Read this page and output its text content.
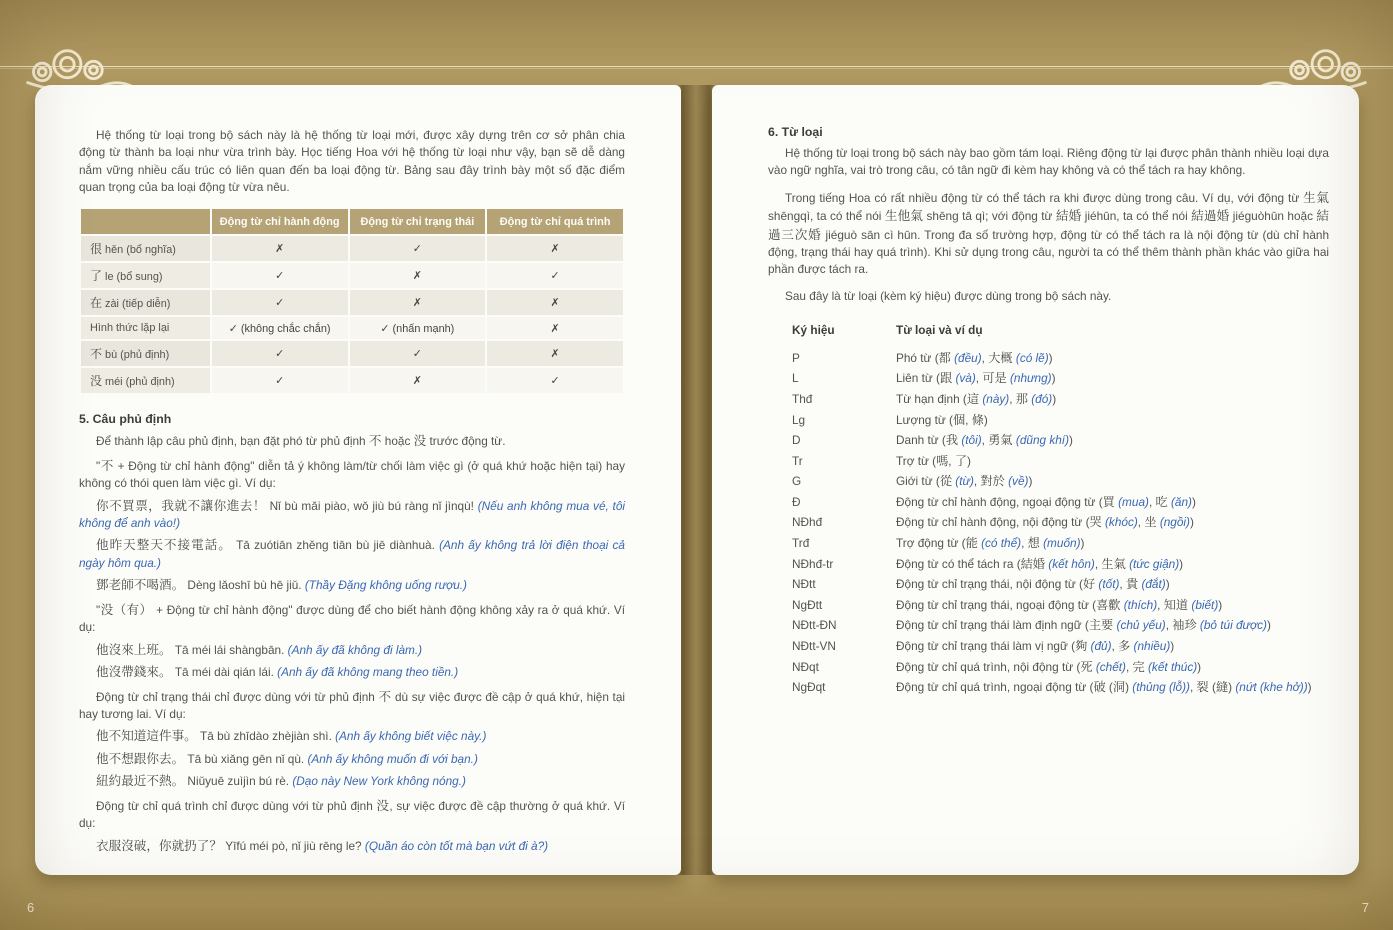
Hệ thống từ loại trong bộ sách này là hệ thống từ loại mới, được xây dựng trên cơ sở phân chia động từ thành ba loại như vừa trình bày. Học tiếng Hoa với hệ thống từ loại như vậy, bạn sẽ dễ dàng nắm vững nhiều cấu trúc có liên quan đến ba loại động từ. Bảng sau đây trình bày một số đặc điểm quan trọng của ba loại động từ vừa nêu.

	Động từ chỉ hành động	Động từ chỉ trạng thái	Động từ chỉ quá trình
很 hěn (bổ nghĩa)	✗	✓	✗
了 le (bổ sung)	✓	✗	✓
在 zài (tiếp diễn)	✓	✗	✗
Hình thức lặp lại	✓ (không chắc chắn)	✓ (nhấn mạnh)	✗
不 bù (phủ định)	✓	✓	✗
没 méi (phủ định)	✓	✗	✓
5. Câu phủ định

Để thành lập câu phủ định, bạn đặt phó từ phủ định 不 hoặc 没 trước động từ.

"不 + Động từ chỉ hành động" diễn tả ý không làm/từ chối làm việc gì (ở quá khứ hoặc hiện tại) hay không có thói quen làm việc gì. Ví dụ:

你不買票，我就不讓你進去！ Nǐ bù mǎi piào, wǒ jiù bú ràng nǐ jìnqù! (Nếu anh không mua vé, tôi không để anh vào!)

他昨天整天不接電話。 Tā zuótiān zhěng tiān bù jiē diànhuà. (Anh ấy không trả lời điện thoại cả ngày hôm qua.)

鄧老師不喝酒。 Dèng lǎoshī bù hē jiǔ. (Thầy Đặng không uống rượu.)

"没（有） + Động từ chỉ hành động" được dùng để cho biết hành động không xảy ra ở quá khứ. Ví dụ:

他沒來上班。 Tā méi lái shàngbān. (Anh ấy đã không đi làm.)

他沒帶錢來。 Tā méi dài qián lái. (Anh ấy đã không mang theo tiền.)

Động từ chỉ trạng thái chỉ được dùng với từ phủ định 不 dù sự việc được đề cập ở quá khứ, hiện tại hay tương lai. Ví dụ:

他不知道這件事。 Tā bù zhīdào zhèjiàn shì. (Anh ấy không biết việc này.)

他不想跟你去。 Tā bù xiǎng gēn nǐ qù. (Anh ấy không muốn đi với bạn.)

紐約最近不熱。 Niǔyuē zuìjìn bú rè. (Dạo này New York không nóng.)

Động từ chỉ quá trình chỉ được dùng với từ phủ định 没, sự việc được đề cập thường ở quá khứ. Ví dụ:

衣服沒破，你就扔了？ Yīfú méi pò, nǐ jiù rēng le? (Quần áo còn tốt mà bạn vứt đi à?)

6. Từ loại

Hệ thống từ loại trong bộ sách này bao gồm tám loại. Riêng động từ lại được phân thành nhiều loại dựa vào ngữ nghĩa, vai trò trong câu, có tân ngữ đi kèm hay không và có thể tách ra hay không.

Trong tiếng Hoa có rất nhiều động từ có thể tách ra khi được dùng trong câu. Ví dụ, với động từ 生氣 shēngqì, ta có thể nói 生他氣 shēng tā qì; với động từ 結婚 jiéhūn, ta có thể nói 結過婚 jiéguòhūn hoặc 結過三次婚 jiéguò sān cì hūn. Trong đa số trường hợp, động từ có thể tách ra là nội động từ (dù chỉ hành động, trạng thái hay quá trình). Khi sử dụng trong câu, người ta có thể thêm thành phần khác vào giữa hai phần được tách ra.

Sau đây là từ loại (kèm ký hiệu) được dùng trong bộ sách này.

Ký hiệu	Từ loại và ví dụ
P	Phó từ (都 (đều), 大概 (có lẽ))
L	Liên từ (跟 (và), 可是 (nhưng))
Thđ	Từ hạn định (這 (này), 那 (đó))
Lg	Lượng từ (個, 條)
D	Danh từ (我 (tôi), 勇氣 (dũng khí))
Tr	Trợ từ (嗎, 了)
G	Giới từ (從 (từ), 對於 (về))
Đ	Động từ chỉ hành động, ngoại động từ (買 (mua), 吃 (ăn))
NĐhđ	Động từ chỉ hành động, nội động từ (哭 (khóc), 坐 (ngồi))
Trđ	Trợ động từ (能 (có thể), 想 (muốn))
NĐhđ-tr	Động từ có thể tách ra (結婚 (kết hôn), 生氣 (tức giận))
NĐtt	Động từ chỉ trạng thái, nội động từ (好 (tốt), 貴 (đắt))
NgĐtt	Động từ chỉ trạng thái, ngoại động từ (喜歡 (thích), 知道 (biết))
NĐtt-ĐN	Động từ chỉ trạng thái làm định ngữ (主要 (chủ yếu), 袖珍 (bỏ túi được))
NĐtt-VN	Động từ chỉ trạng thái làm vị ngữ (夠 (đủ), 多 (nhiều))
NĐqt	Động từ chỉ quá trình, nội động từ (死 (chết), 完 (kết thúc))
NgĐqt	Động từ chỉ quá trình, ngoại động từ (破 (洞) (thủng (lỗ)), 裂 (縫) (nứt (khe hở)))
6	7
